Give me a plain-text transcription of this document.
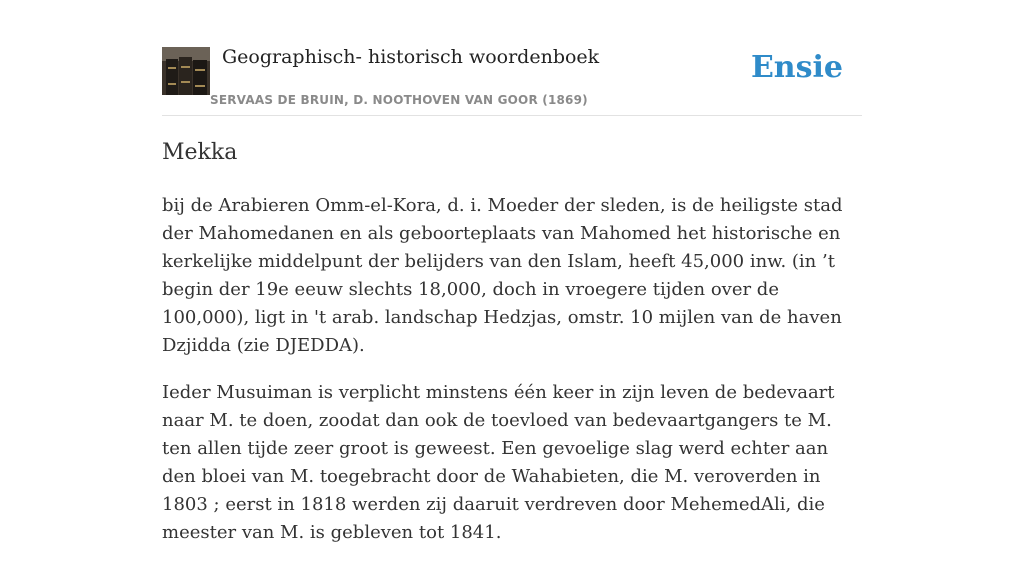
Geographisch- historisch woordenboek
SERVAAS DE BRUIN, D. NOOTHOVEN VAN GOOR (1869)
Ensie
Mekka

bij de Arabieren Omm-el-Kora, d. i. Moeder der sleden, is de heiligste stad der Mahomedanen en als geboorteplaats van Mahomed het historische en kerkelijke middelpunt der belijders van den Islam, heeft 45,000 inw. (in ’t begin der 19e eeuw slechts 18,000, doch in vroegere tijden over de 100,000), ligt in 't arab. landschap Hedzjas, omstr. 10 mijlen van de haven Dzjidda (zie DJEDDA).

Ieder Musuiman is verplicht minstens één keer in zijn leven de bedevaart naar M. te doen, zoodat dan ook de toevloed van bedevaartgangers te M. ten allen tijde zeer groot is geweest. Een gevoelige slag werd echter aan den bloei van M. toegebracht door de Wahabieten, die M. veroverden in 1803 ; eerst in 1818 werden zij daaruit verdreven door MehemedAli, die meester van M. is gebleven tot 1841.
